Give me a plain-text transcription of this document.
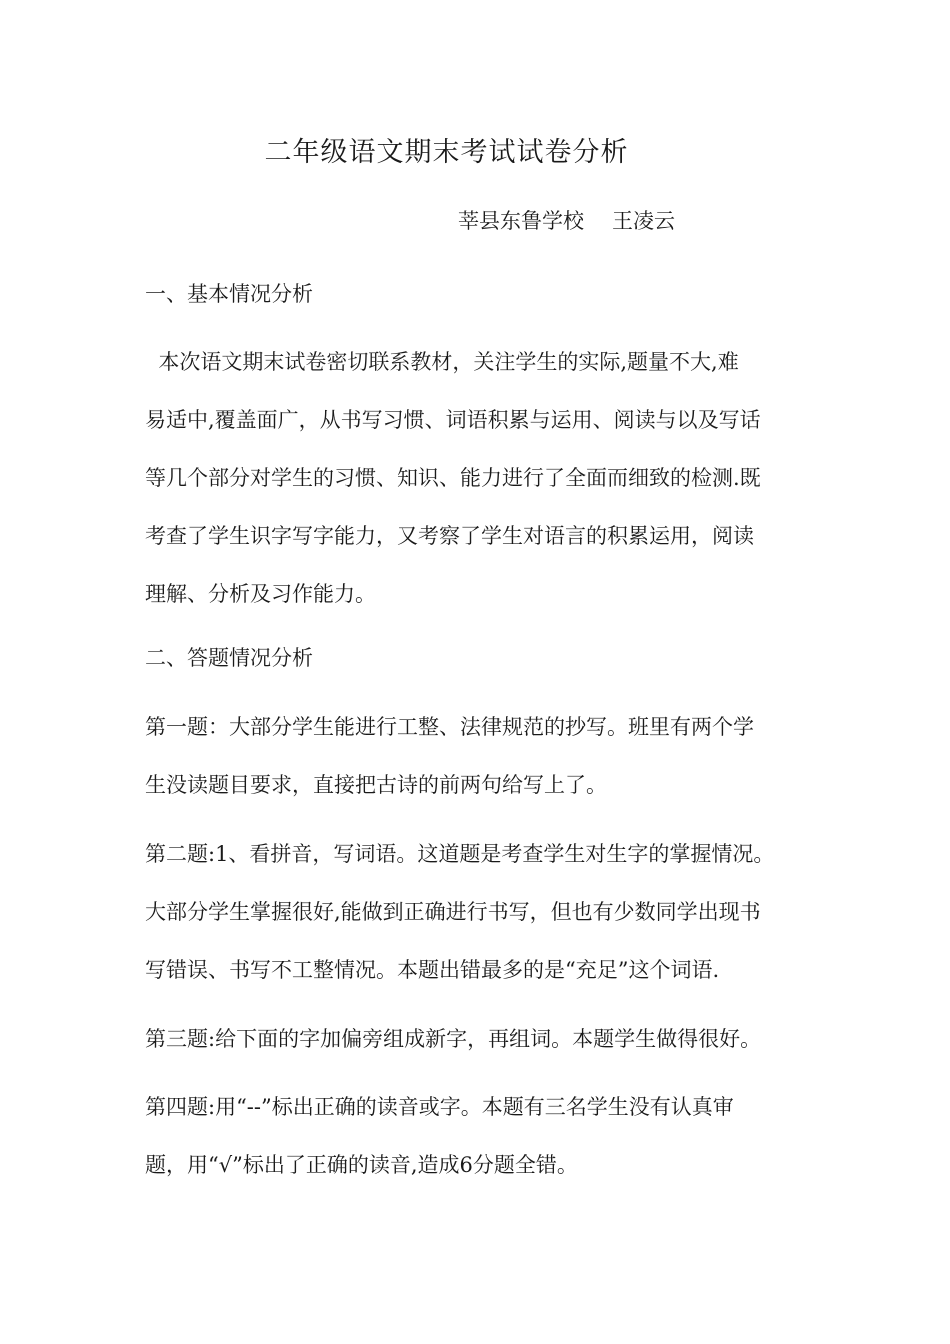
二年级语文期末考试试卷分析
莘县东鲁学校 王凌云
一、基本情况分析
本次语文期末试卷密切联系教材，关注学生的实际,题量不大,难
易适中,覆盖面广，从书写习惯、词语积累与运用、阅读与以及写话
等几个部分对学生的习惯、知识、能力进行了全面而细致的检测.既
考查了学生识字写字能力，又考察了学生对语言的积累运用，阅读
理解、分析及习作能力。
二、答题情况分析
第一题：大部分学生能进行工整、法律规范的抄写。班里有两个学
生没读题目要求，直接把古诗的前两句给写上了。
第二题:1、看拼音，写词语。这道题是考查学生对生字的掌握情况。
大部分学生掌握很好,能做到正确进行书写，但也有少数同学出现书
写错误、书写不工整情况。本题出错最多的是“充足”这个词语.
第三题:给下面的字加偏旁组成新字，再组词。本题学生做得很好。
第四题:用“--”标出正确的读音或字。本题有三名学生没有认真审
题，用“√”标出了正确的读音,造成6分题全错。
